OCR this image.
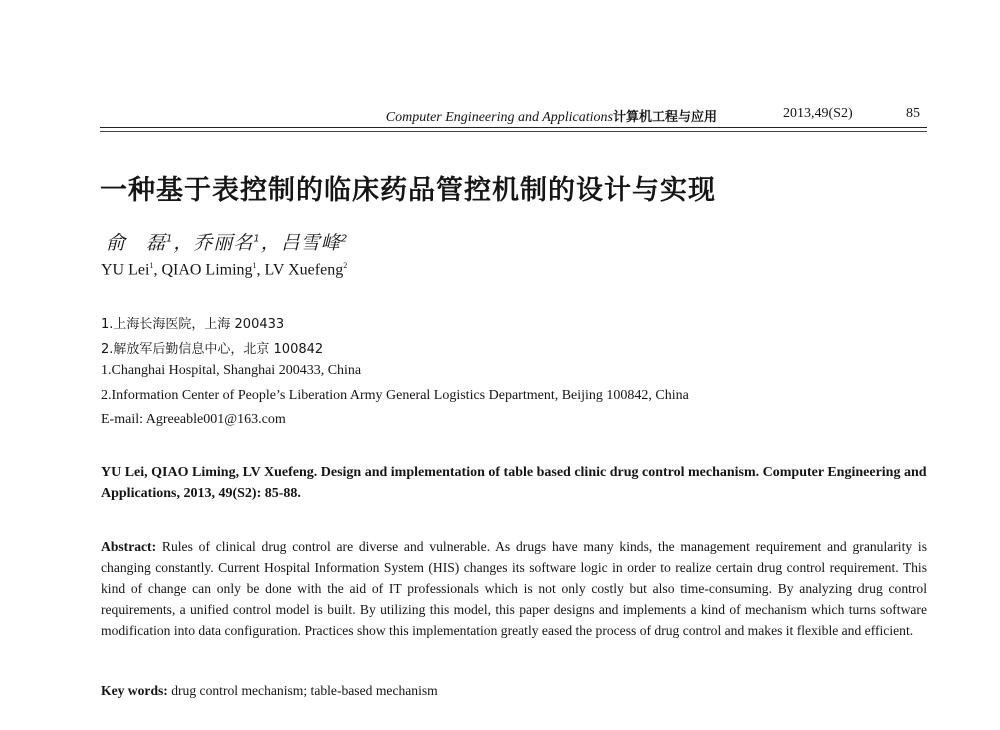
Computer Engineering and Applications计算机工程与应用	2013,49(S2)	85
一种基于表控制的临床药品管控机制的设计与实现
俞　磊$^1$，乔丽名$^1$，吕雪峰$^2$
YU Lei$^1$, QIAO Liming$^1$, LV Xuefeng$^2$
1.上海长海医院，上海 200433
2.解放军后勤信息中心，北京 100842
1.Changhai Hospital, Shanghai 200433, China
2.Information Center of People’s Liberation Army General Logistics Department, Beijing 100842, China
E-mail: Agreeable001@163.com
YU Lei, QIAO Liming, LV Xuefeng. Design and implementation of table based clinic drug control mechanism. Computer Engineering and Applications, 2013, 49(S2): 85-88.
Abstract: Rules of clinical drug control are diverse and vulnerable. As drugs have many kinds, the management requirement and granularity is changing constantly. Current Hospital Information System (HIS) changes its software logic in order to realize certain drug control requirement. This kind of change can only be done with the aid of IT professionals which is not only costly but also time-consuming. By analyzing drug control requirements, a unified control model is built. By utilizing this model, this paper designs and implements a kind of mechanism which turns software modification into data configuration. Practices show this implementation greatly eased the process of drug control and makes it flexible and efficient.
Key words: drug control mechanism; table-based mechanism
